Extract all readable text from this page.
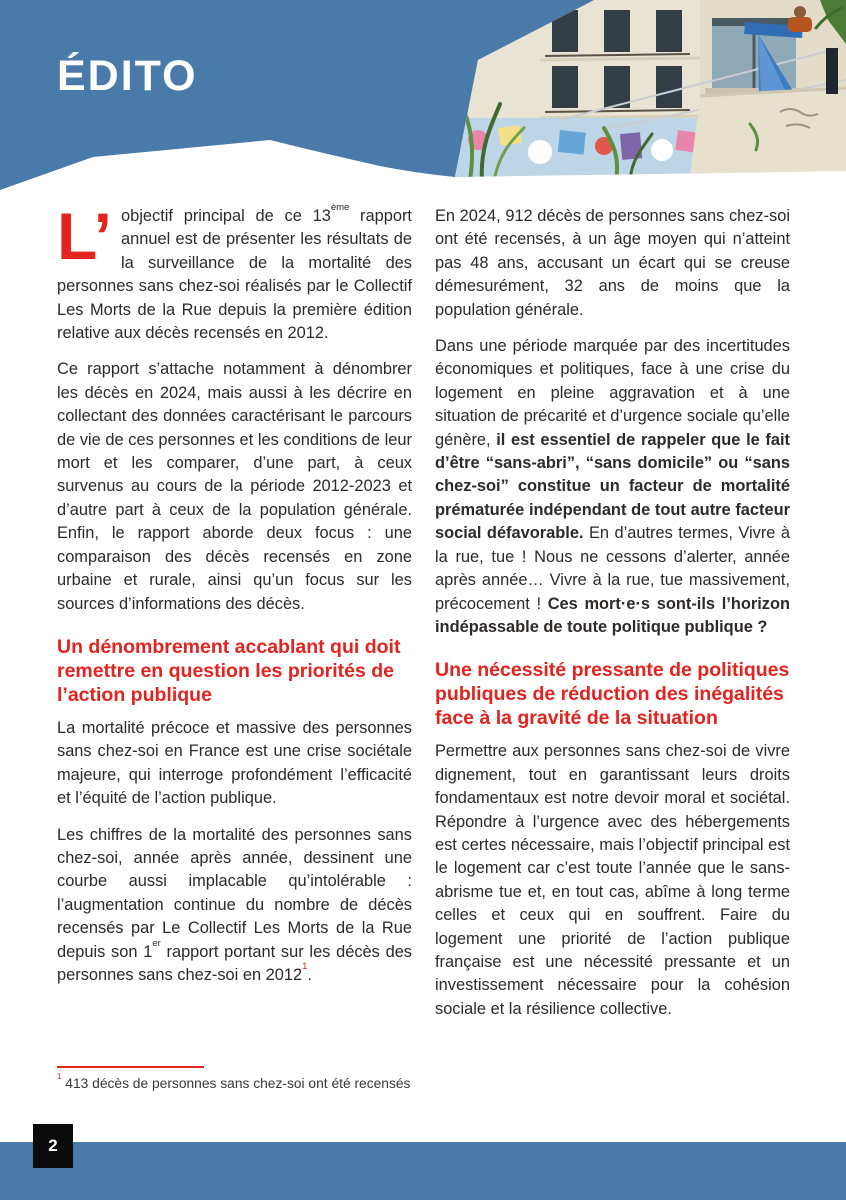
ÉDITO

L’ objectif principal de ce 13ème rapport annuel est de présenter les résultats de la surveillance de la mortalité des personnes sans chez-soi réalisés par le Collectif Les Morts de la Rue depuis la première édition relative aux décès recensés en 2012.

Ce rapport s’attache notamment à dénombrer les décès en 2024, mais aussi à les décrire en collectant des données caractérisant le parcours de vie de ces personnes et les conditions de leur mort et les comparer, d’une part, à ceux survenus au cours de la période 2012-2023 et d’autre part à ceux de la population générale. Enfin, le rapport aborde deux focus : une comparaison des décès recensés en zone urbaine et rurale, ainsi qu’un focus sur les sources d’informations des décès.

Un dénombrement accablant qui doit remettre en question les priorités de l’action publique

La mortalité précoce et massive des personnes sans chez-soi en France est une crise sociétale majeure, qui interroge profondément l’efficacité et l’équité de l’action publique.

Les chiffres de la mortalité des personnes sans chez-soi, année après année, dessinent une courbe aussi implacable qu’intolérable : l’augmentation continue du nombre de décès recensés par Le Collectif Les Morts de la Rue depuis son 1er rapport portant sur les décès des personnes sans chez-soi en 2012$^1$.

En 2024, 912 décès de personnes sans chez-soi ont été recensés, à un âge moyen qui n’atteint pas 48 ans, accusant un écart qui se creuse démesurément, 32 ans de moins que la population générale.

Dans une période marquée par des incertitudes économiques et politiques, face à une crise du logement en pleine aggravation et à une situation de précarité et d’urgence sociale qu’elle génère, il est essentiel de rappeler que le fait d’être “sans-abri”, “sans domicile” ou “sans chez-soi” constitue un facteur de mortalité prématurée indépendant de tout autre facteur social défavorable. En d’autres termes, Vivre à la rue, tue ! Nous ne cessons d’alerter, année après année… Vivre à la rue, tue massivement, précocement ! Ces mort·e·s sont-ils l’horizon indépassable de toute politique publique ?

Une nécessité pressante de politiques publiques de réduction des inégalités face à la gravité de la situation

Permettre aux personnes sans chez-soi de vivre dignement, tout en garantissant leurs droits fondamentaux est notre devoir moral et sociétal. Répondre à l’urgence avec des hébergements est certes nécessaire, mais l’objectif principal est le logement car c’est toute l’année que le sans-abrisme tue et, en tout cas, abîme à long terme celles et ceux qui en souffrent. Faire du logement une priorité de l’action publique française est une nécessité pressante et un investissement nécessaire pour la cohésion sociale et la résilience collective.

$^1$ 413 décès de personnes sans chez-soi ont été recensés

2
